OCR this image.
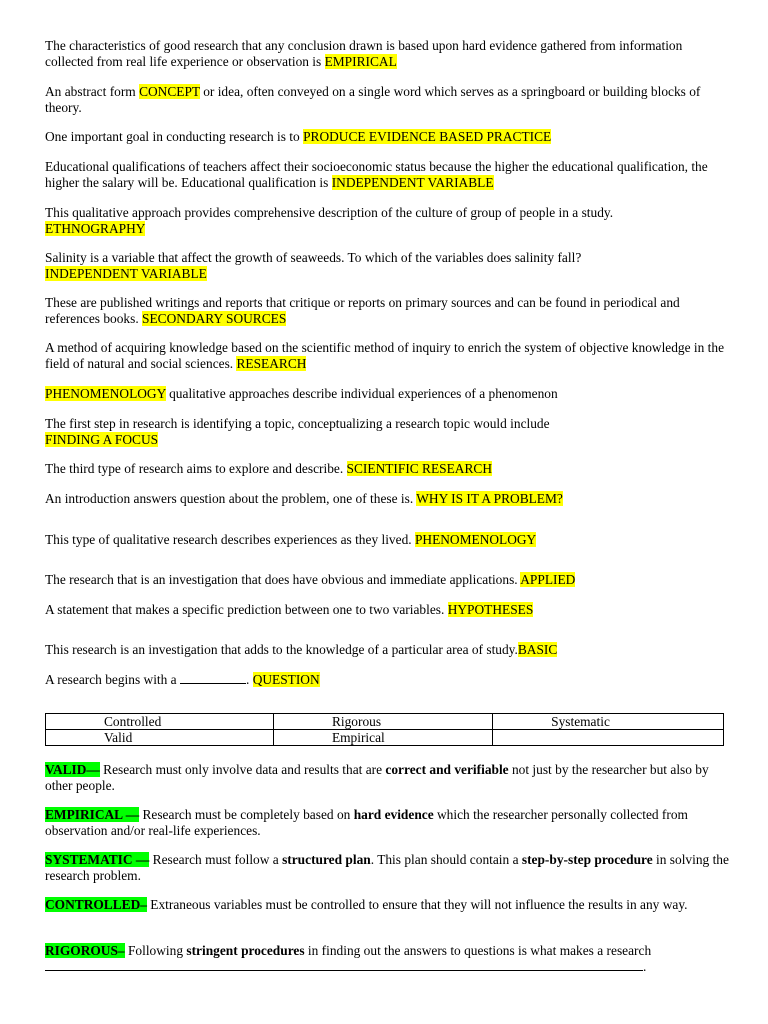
The characteristics of good research that any conclusion drawn is based upon hard evidence gathered from information collected from real life experience or observation is EMPIRICAL

An abstract form CONCEPT or idea, often conveyed on a single word which serves as a springboard or building blocks of theory.

One important goal in conducting research is to PRODUCE EVIDENCE BASED PRACTICE

Educational qualifications of teachers affect their socioeconomic status because the higher the educational qualification, the higher the salary will be. Educational qualification is INDEPENDENT VARIABLE

This qualitative approach provides comprehensive description of the culture of group of people in a study.
ETHNOGRAPHY

Salinity is a variable that affect the growth of seaweeds. To which of the variables does salinity fall?
INDEPENDENT VARIABLE

These are published writings and reports that critique or reports on primary sources and can be found in periodical and references books. SECONDARY SOURCES

A method of acquiring knowledge based on the scientific method of inquiry to enrich the system of objective knowledge in the field of natural and social sciences. RESEARCH

PHENOMENOLOGY qualitative approaches describe individual experiences of a phenomenon

The first step in research is identifying a topic, conceptualizing a research topic would include
FINDING A FOCUS

The third type of research aims to explore and describe. SCIENTIFIC RESEARCH

An introduction answers question about the problem, one of these is. WHY IS IT A PROBLEM?

This type of qualitative research describes experiences as they lived. PHENOMENOLOGY

The research that is an investigation that does have obvious and immediate applications. APPLIED

A statement that makes a specific prediction between one to two variables. HYPOTHESES

This research is an investigation that adds to the knowledge of a particular area of study.BASIC

A research begins with a	. QUESTION

VALID— Research must only involve data and results that are correct and verifiable not just by the researcher but also by other people.

EMPIRICAL — Research must be completely based on hard evidence which the researcher personally collected from observation and/or real-life experiences.

SYSTEMATIC –– Research must follow a structured plan. This plan should contain a step-by-step procedure in solving the research problem.

CONTROLLED– Extraneous variables must be controlled to ensure that they will not influence the results in any way.

RIGOROUS– Following stringent procedures in finding out the answers to questions is what makes a research .

Controlled	Rigorous	Systematic
Valid	Empirical	
